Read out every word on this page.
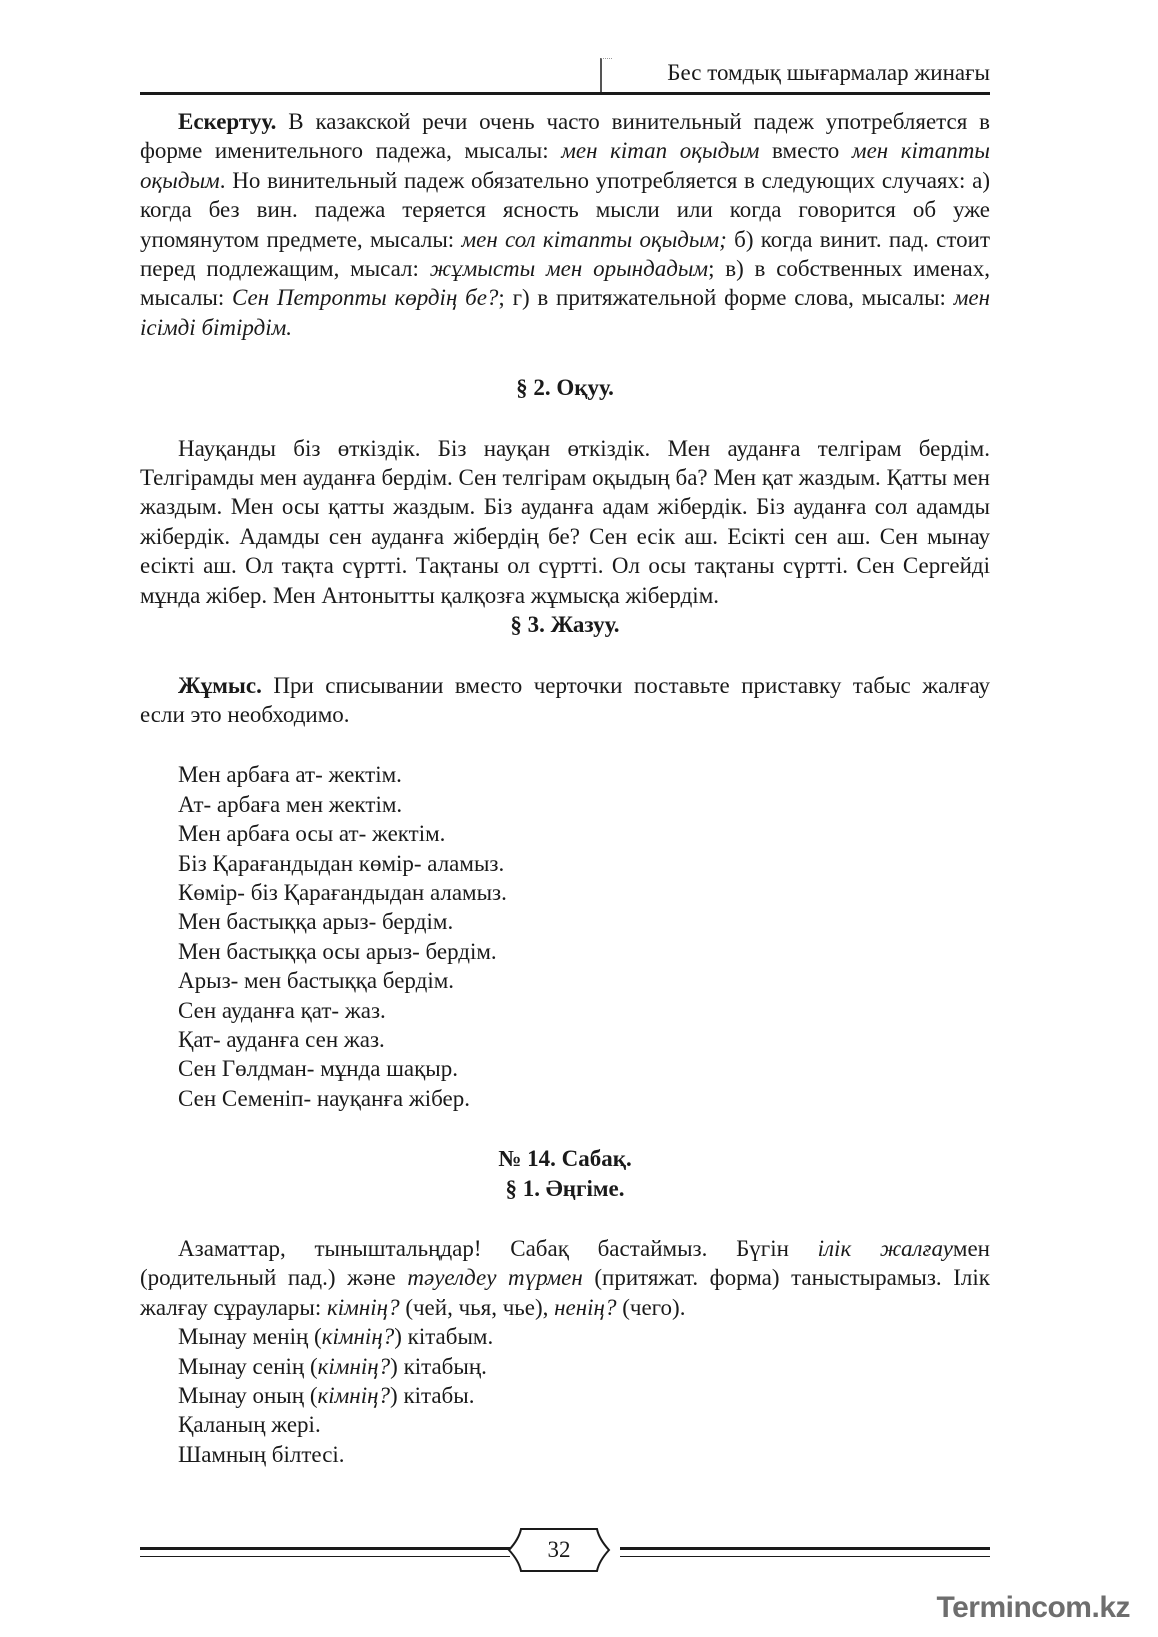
Бес томдық шығармалар жинағы

Ескертуу. В казакской речи очень часто винительный падеж употребляется в форме именительного падежа, мысалы: мен кітап оқыдым вместо мен кітапты оқыдым. Но винительный падеж обязательно употребляется в следующих случаях: а) когда без вин. падежа теряется ясность мысли или когда говорится об уже упомянутом предмете, мысалы: мен сол кітапты оқыдым; б) когда винит. пад. стоит перед подлежащим, мысал: жұмысты мен орындадым; в) в собственных именах, мысалы: Сен Петропты көрдің бе?; г) в притяжательной форме слова, мысалы: мен ісімді бітірдім.

§ 2. Оқуу.

Науқанды біз өткіздік. Біз науқан өткіздік. Мен ауданға телгірам бердім. Телгірамды мен ауданға бердім. Сен телгірам оқыдың ба? Мен қат жаздым. Қатты мен жаздым. Мен осы қатты жаздым. Біз ауданға адам жібердік. Біз ауданға сол адамды жібердік. Адамды сен ауданға жібердің бе? Сен есік аш. Есікті сен аш. Сен мынау есікті аш. Ол тақта сүртті. Тақтаны ол сүртті. Ол осы тақтаны сүртті. Сен Сергейді мұнда жібер. Мен Антонытты қалқозға жұмысқа жібердім.

§ 3. Жазуу.

Жұмыс. При списывании вместо черточки поставьте приставку табыс жалғау если это необходимо.

Мен арбаға ат- жектім.
Ат- арбаға мен жектім.
Мен арбаға осы ат- жектім.
Біз Қарағандыдан көмір- аламыз.
Көмір- біз Қарағандыдан аламыз.
Мен бастыққа арыз- бердім.
Мен бастыққа осы арыз- бердім.
Арыз- мен бастыққа бердім.
Сен ауданға қат- жаз.
Қат- ауданға сен жаз.
Сен Гөлдман- мұнда шақыр.
Сен Семеніп- науқанға жібер.
№ 14. Сабақ.
§ 1. Әңгіме.

Азаматтар, тыныштальңдар! Сабақ бастаймыз. Бүгін ілік жалғаумен (родительный пад.) және тәуелдеу түрмен (притяжат. форма) таныстырамыз. Ілік жалғау сұраулары: кімнің? (чей, чья, чье), ненің? (чего).

Мынау менің (кімнің?) кітабым.
Мынау сенің (кімнің?) кітабың.
Мынау оның (кімнің?) кітабы.
Қаланың жері.
Шамның білтесі.
32
Termincom.kz
